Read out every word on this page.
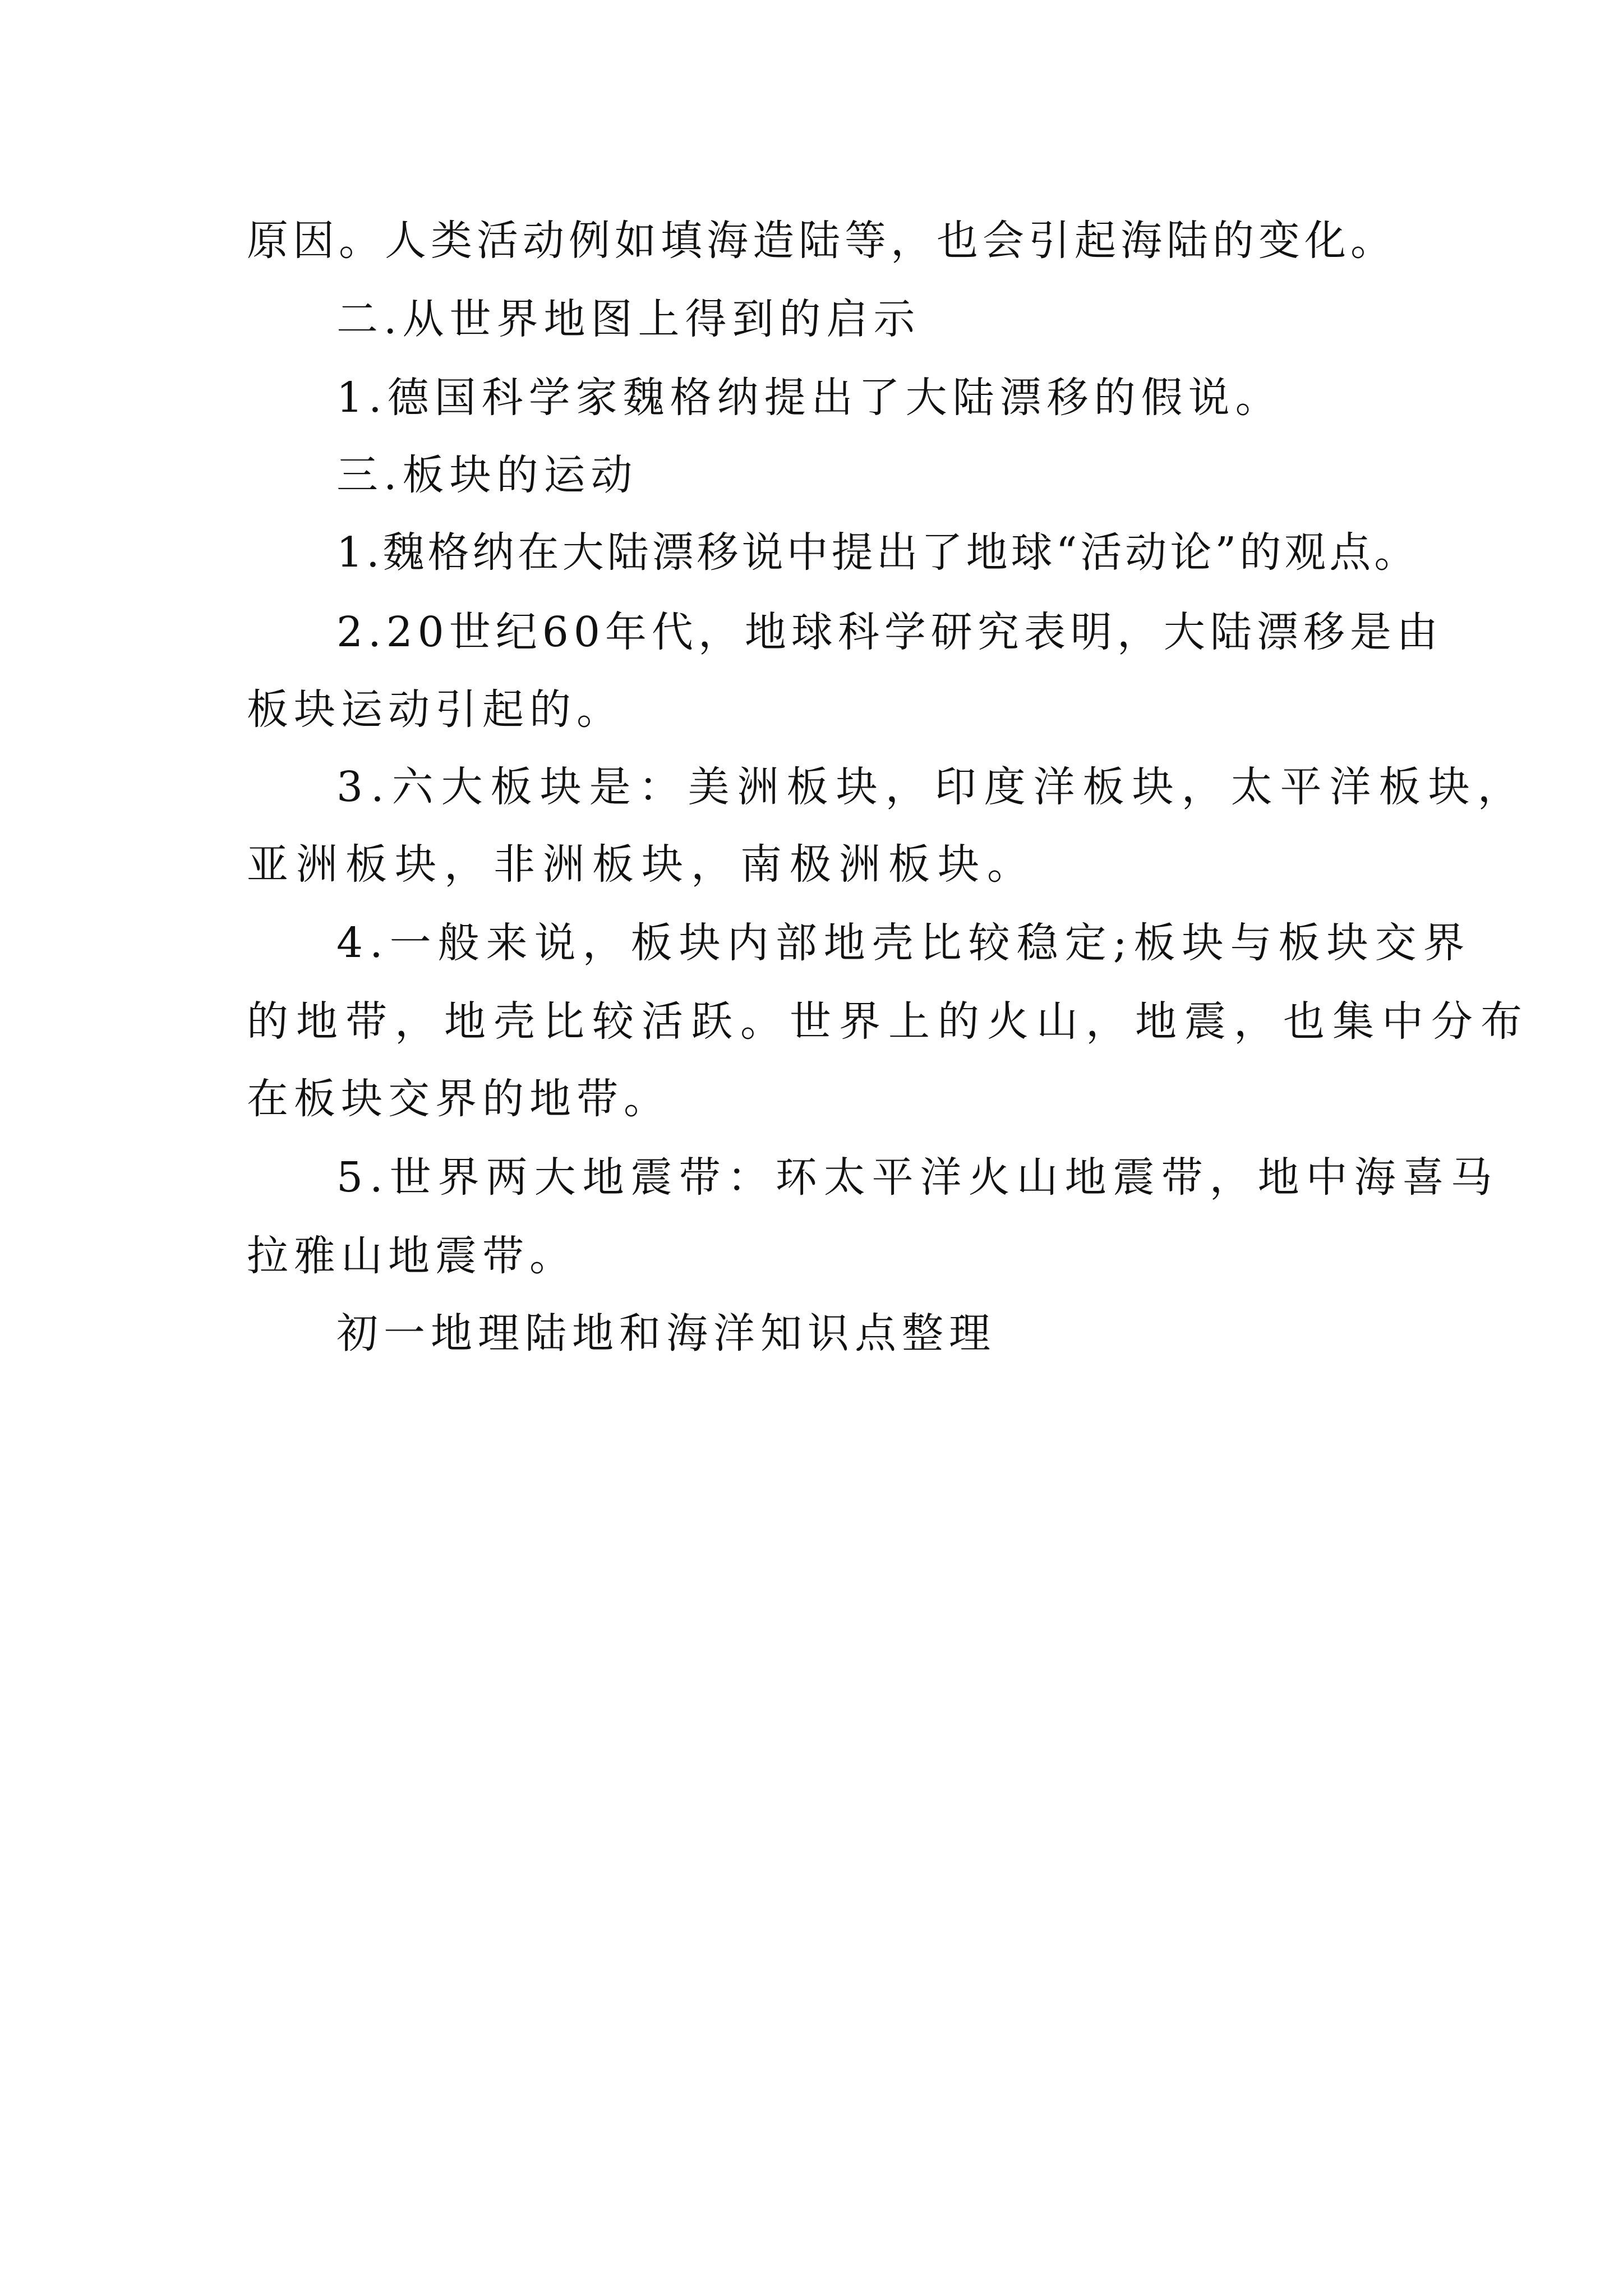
原因。人类活动例如填海造陆等，也会引起海陆的变化。
二.从世界地图上得到的启示
1.德国科学家魏格纳提出了大陆漂移的假说。
三.板块的运动
1.魏格纳在大陆漂移说中提出了地球“活动论”的观点。
2.20世纪60年代，地球科学研究表明，大陆漂移是由
板块运动引起的。
3.六大板块是：美洲板块，印度洋板块，太平洋板块，
亚洲板块，非洲板块，南极洲板块。
4.一般来说，板块内部地壳比较稳定;板块与板块交界
的地带，地壳比较活跃。世界上的火山，地震，也集中分布
在板块交界的地带。
5.世界两大地震带：环太平洋火山地震带，地中海喜马
拉雅山地震带。
初一地理陆地和海洋知识点整理
